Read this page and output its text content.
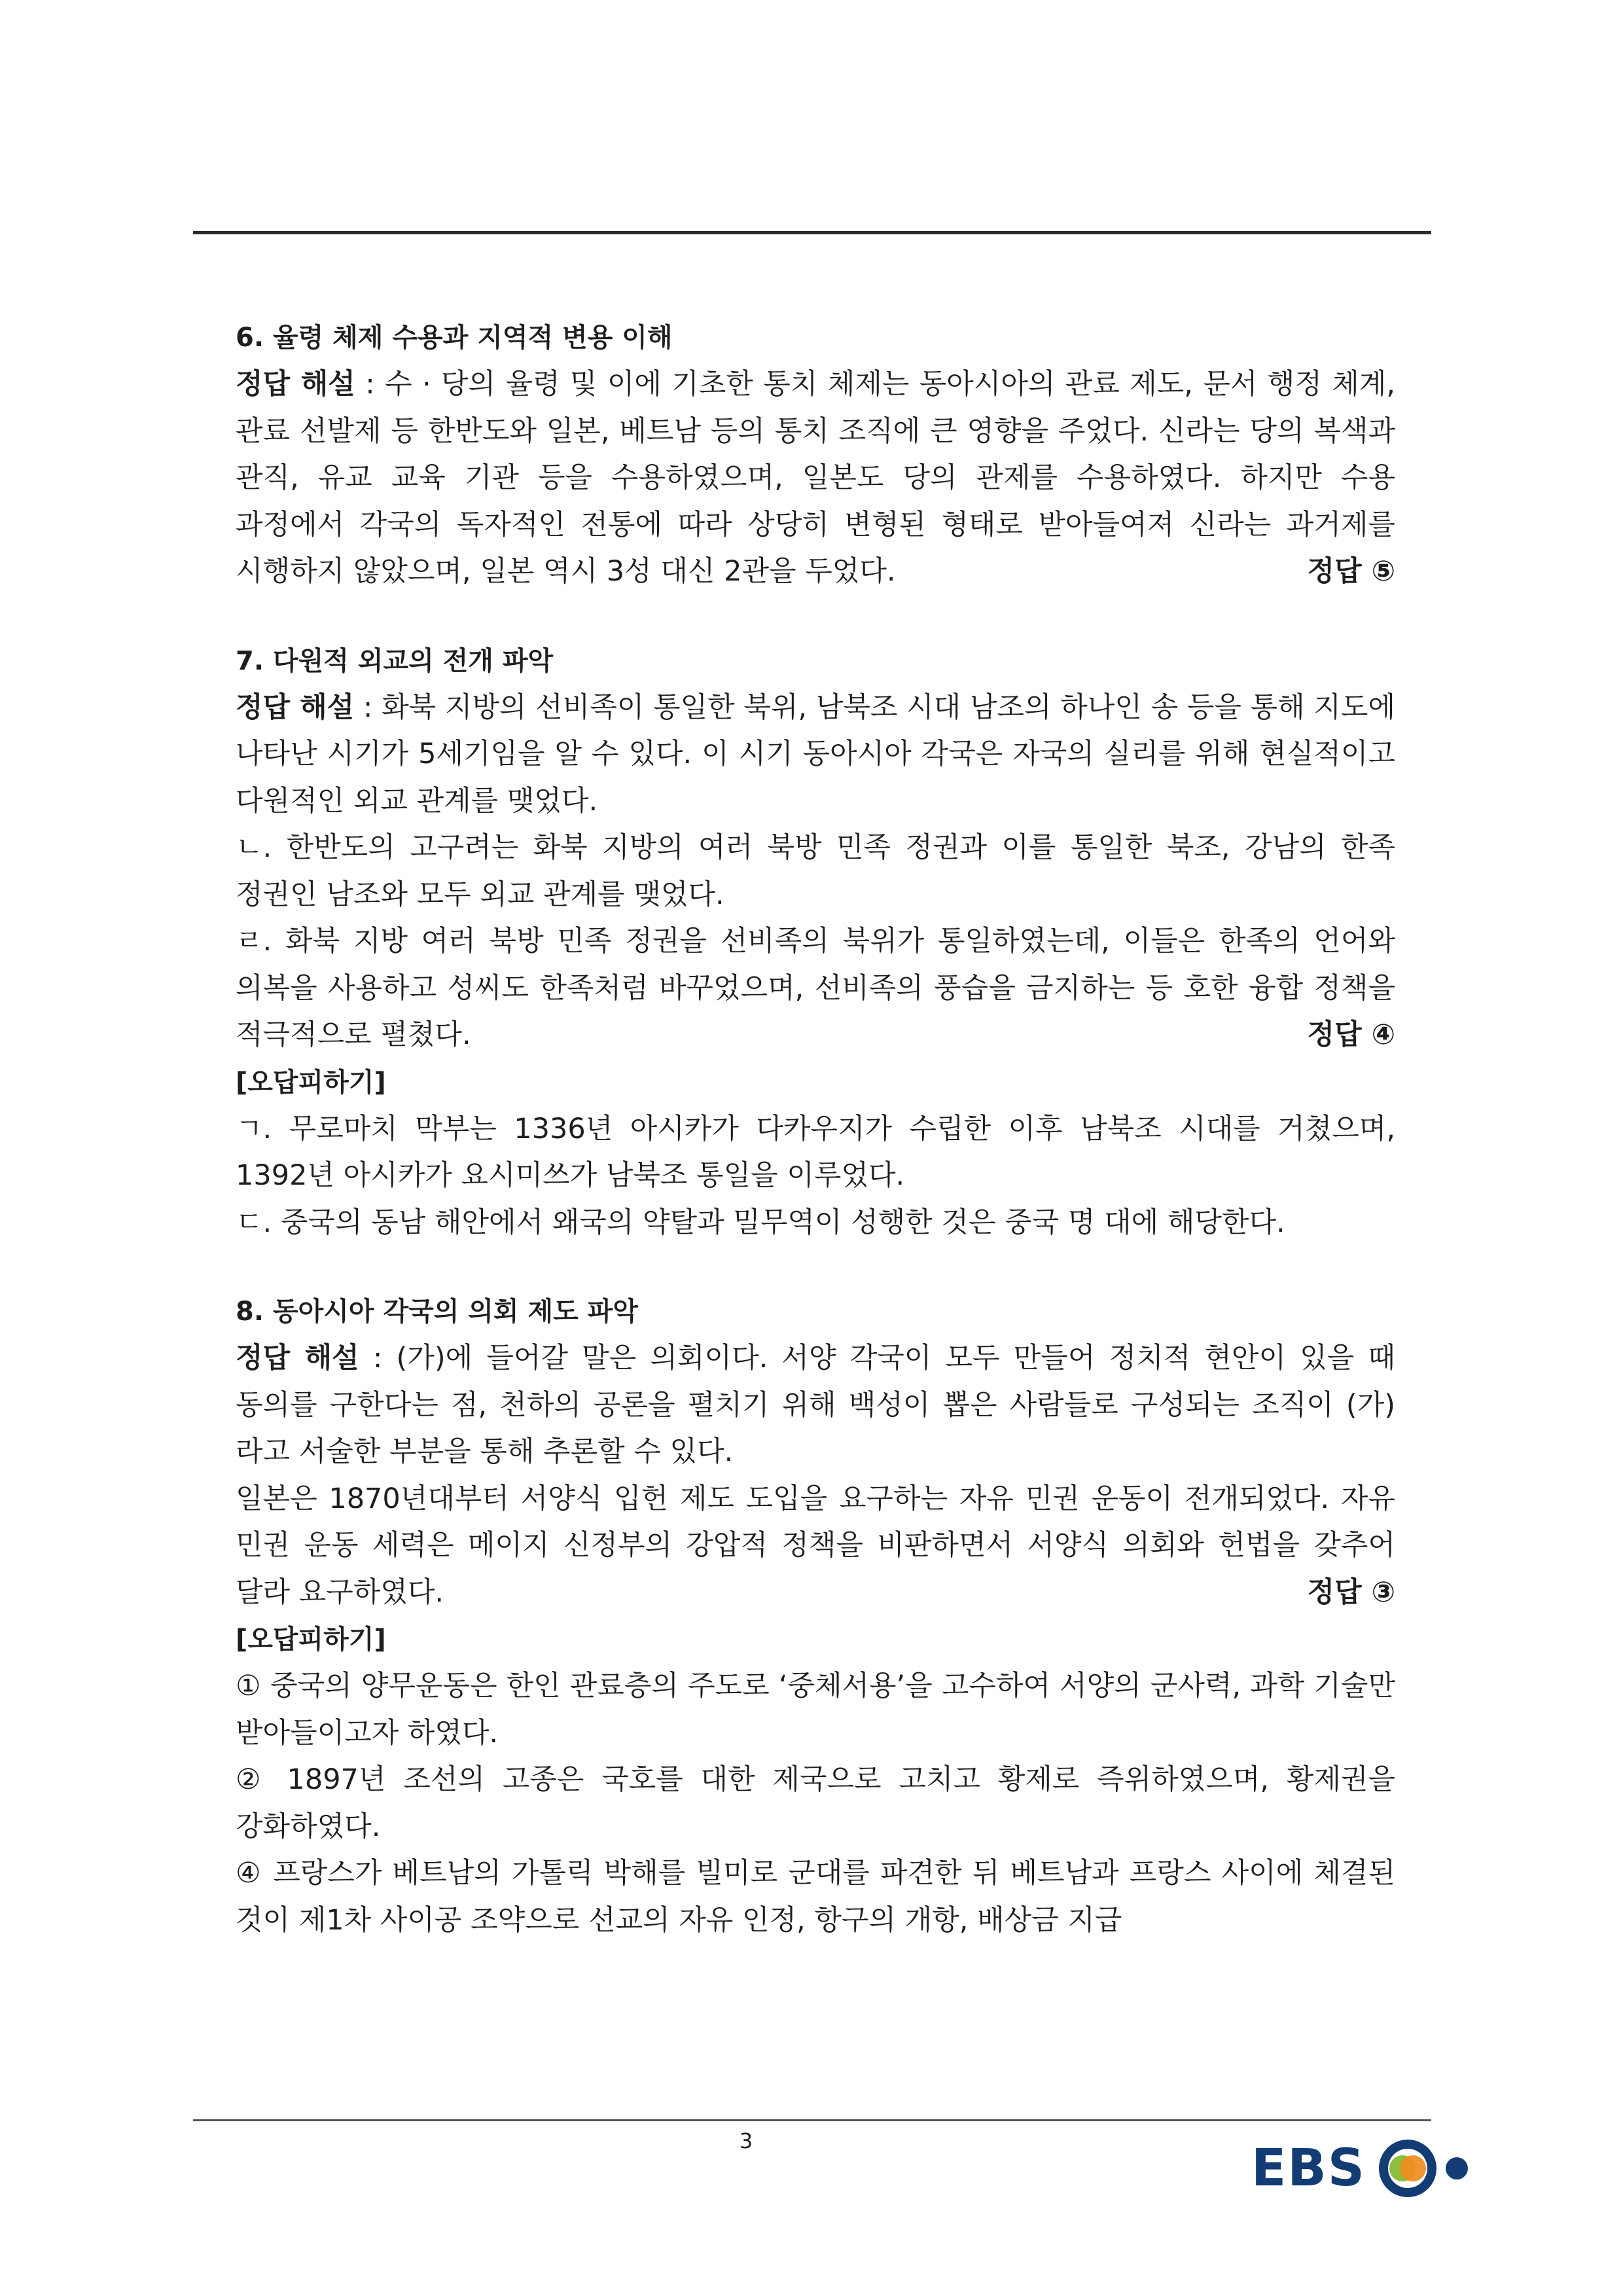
6. 율령 체제 수용과 지역적 변용 이해

정답 해설 : 수 · 당의 율령 및 이에 기초한 통치 체제는 동아시아의 관료 제도, 문서 행정 체계, 관료 선발제 등 한반도와 일본, 베트남 등의 통치 조직에 큰 영향을 주었다. 신라는 당의 복색과 관직, 유교 교육 기관 등을 수용하였으며, 일본도 당의 관제를 수용하였다. 하지만 수용 과정에서 각국의 독자적인 전통에 따라 상당히 변형된 형태로 받아들여져 신라는 과거제를 시행하지 않았으며, 일본 역시 3성 대신 2관을 두었다.	정답 ⑤
7. 다원적 외교의 전개 파악

정답 해설 : 화북 지방의 선비족이 통일한 북위, 남북조 시대 남조의 하나인 송 등을 통해 지도에 나타난 시기가 5세기임을 알 수 있다. 이 시기 동아시아 각국은 자국의 실리를 위해 현실적이고 다원적인 외교 관계를 맺었다.

ㄴ. 한반도의 고구려는 화북 지방의 여러 북방 민족 정권과 이를 통일한 북조, 강남의 한족 정권인 남조와 모두 외교 관계를 맺었다.

ㄹ. 화북 지방 여러 북방 민족 정권을 선비족의 북위가 통일하였는데, 이들은 한족의 언어와 의복을 사용하고 성씨도 한족처럼 바꾸었으며, 선비족의 풍습을 금지하는 등 호한 융합 정책을 적극적으로 펼쳤다.	정답 ④
[오답피하기]

ㄱ. 무로마치 막부는 1336년 아시카가 다카우지가 수립한 이후 남북조 시대를 거쳤으며, 1392년 아시카가 요시미쓰가 남북조 통일을 이루었다.

ㄷ. 중국의 동남 해안에서 왜국의 약탈과 밀무역이 성행한 것은 중국 명 대에 해당한다.

8. 동아시아 각국의 의회 제도 파악

정답 해설 : (가)에 들어갈 말은 의회이다. 서양 각국이 모두 만들어 정치적 현안이 있을 때 동의를 구한다는 점, 천하의 공론을 펼치기 위해 백성이 뽑은 사람들로 구성되는 조직이 (가)라고 서술한 부분을 통해 추론할 수 있다.

일본은 1870년대부터 서양식 입헌 제도 도입을 요구하는 자유 민권 운동이 전개되었다. 자유 민권 운동 세력은 메이지 신정부의 강압적 정책을 비판하면서 서양식 의회와 헌법을 갖추어 달라 요구하였다.	정답 ③
[오답피하기]

① 중국의 양무운동은 한인 관료층의 주도로 ‘중체서용’을 고수하여 서양의 군사력, 과학 기술만 받아들이고자 하였다.

② 1897년 조선의 고종은 국호를 대한 제국으로 고치고 황제로 즉위하였으며, 황제권을 강화하였다.

④ 프랑스가 베트남의 가톨릭 박해를 빌미로 군대를 파견한 뒤 베트남과 프랑스 사이에 체결된 것이 제1차 사이공 조약으로 선교의 자유 인정, 항구의 개항, 배상금 지급

3	EBS
